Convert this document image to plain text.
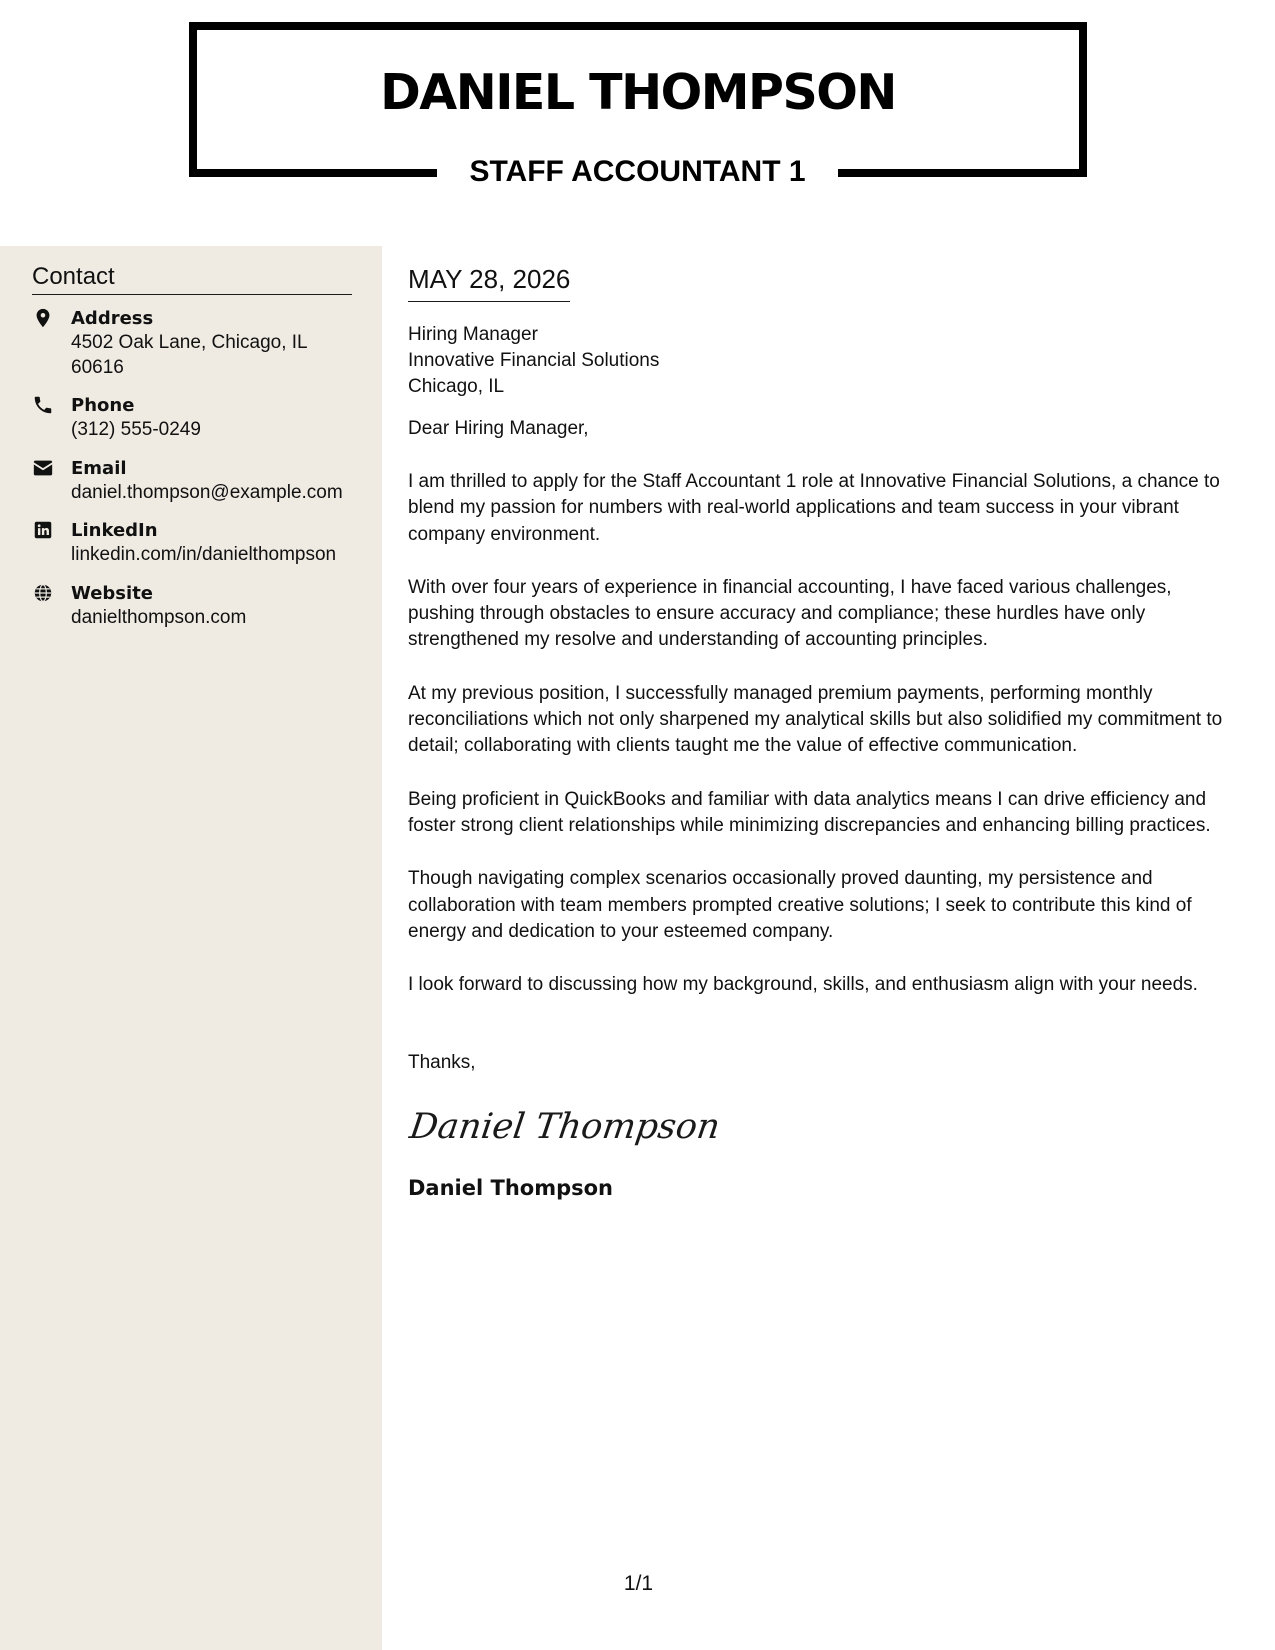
DANIEL THOMPSON
STAFF ACCOUNTANT 1
Contact
Address
4502 Oak Lane, Chicago, IL 60616
Phone
(312) 555-0249
Email
daniel.thompson@example.com
LinkedIn
linkedin.com/in/danielthompson
Website
danielthompson.com
MAY 28, 2026
Hiring Manager
Innovative Financial Solutions
Chicago, IL
Dear Hiring Manager,

I am thrilled to apply for the Staff Accountant 1 role at Innovative Financial Solutions, a chance to blend my passion for numbers with real-world applications and team success in your vibrant company environment.

With over four years of experience in financial accounting, I have faced various challenges, pushing through obstacles to ensure accuracy and compliance; these hurdles have only strengthened my resolve and understanding of accounting principles.

At my previous position, I successfully managed premium payments, performing monthly reconciliations which not only sharpened my analytical skills but also solidified my commitment to detail; collaborating with clients taught me the value of effective communication.

Being proficient in QuickBooks and familiar with data analytics means I can drive efficiency and foster strong client relationships while minimizing discrepancies and enhancing billing practices.

Though navigating complex scenarios occasionally proved daunting, my persistence and collaboration with team members prompted creative solutions; I seek to contribute this kind of energy and dedication to your esteemed company.

I look forward to discussing how my background, skills, and enthusiasm align with your needs.

Thanks,
Daniel Thompson
Daniel Thompson
1/1
